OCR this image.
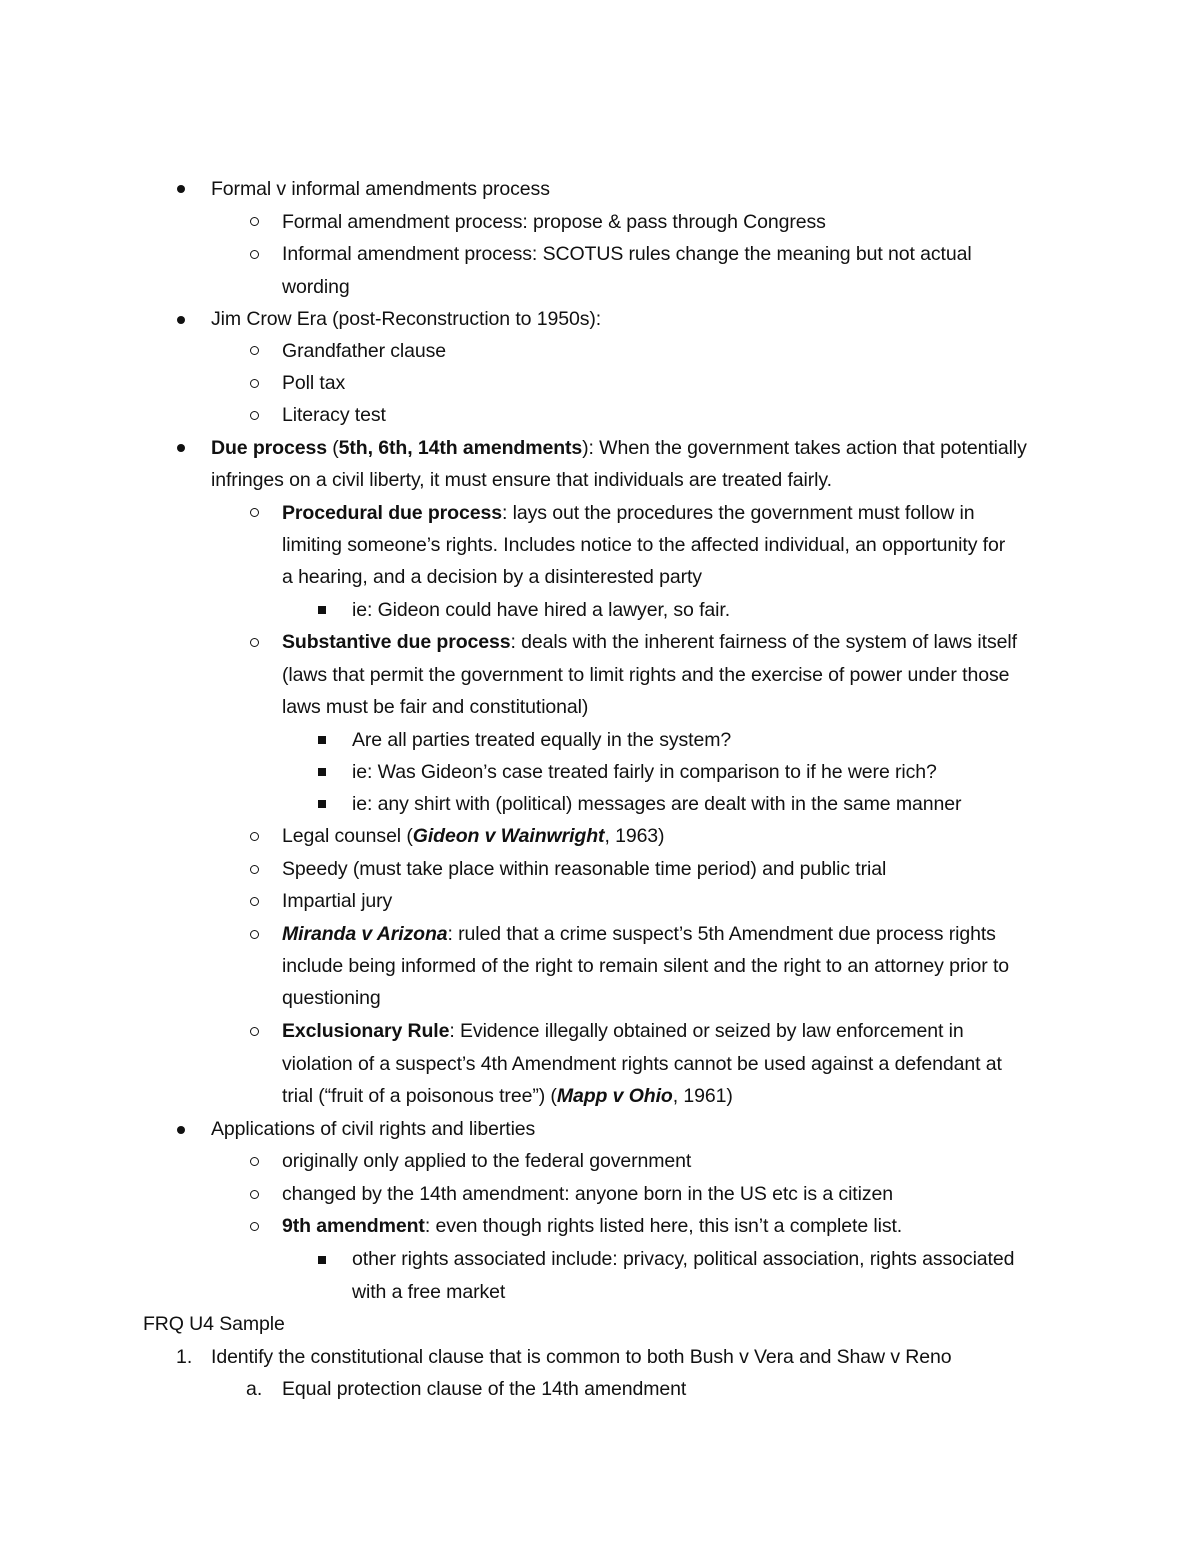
Formal v informal amendments process
Formal amendment process: propose & pass through Congress
Informal amendment process: SCOTUS rules change the meaning but not actual
wording
Jim Crow Era (post-Reconstruction to 1950s):
Grandfather clause
Poll tax
Literacy test
Due process (5th, 6th, 14th amendments): When the government takes action that potentially
infringes on a civil liberty, it must ensure that individuals are treated fairly.
Procedural due process: lays out the procedures the government must follow in
limiting someone’s rights. Includes notice to the affected individual, an opportunity for
a hearing, and a decision by a disinterested party
ie: Gideon could have hired a lawyer, so fair.
Substantive due process: deals with the inherent fairness of the system of laws itself
(laws that permit the government to limit rights and the exercise of power under those
laws must be fair and constitutional)
Are all parties treated equally in the system?
ie: Was Gideon’s case treated fairly in comparison to if he were rich?
ie: any shirt with (political) messages are dealt with in the same manner
Legal counsel (Gideon v Wainwright, 1963)
Speedy (must take place within reasonable time period) and public trial
Impartial jury
Miranda v Arizona: ruled that a crime suspect’s 5th Amendment due process rights
include being informed of the right to remain silent and the right to an attorney prior to
questioning
Exclusionary Rule: Evidence illegally obtained or seized by law enforcement in
violation of a suspect’s 4th Amendment rights cannot be used against a defendant at
trial (“fruit of a poisonous tree”) (Mapp v Ohio, 1961)
Applications of civil rights and liberties
originally only applied to the federal government
changed by the 14th amendment: anyone born in the US etc is a citizen
9th amendment: even though rights listed here, this isn’t a complete list.
other rights associated include: privacy, political association, rights associated
with a free market
FRQ U4 Sample
1. Identify the constitutional clause that is common to both Bush v Vera and Shaw v Reno
a. Equal protection clause of the 14th amendment
